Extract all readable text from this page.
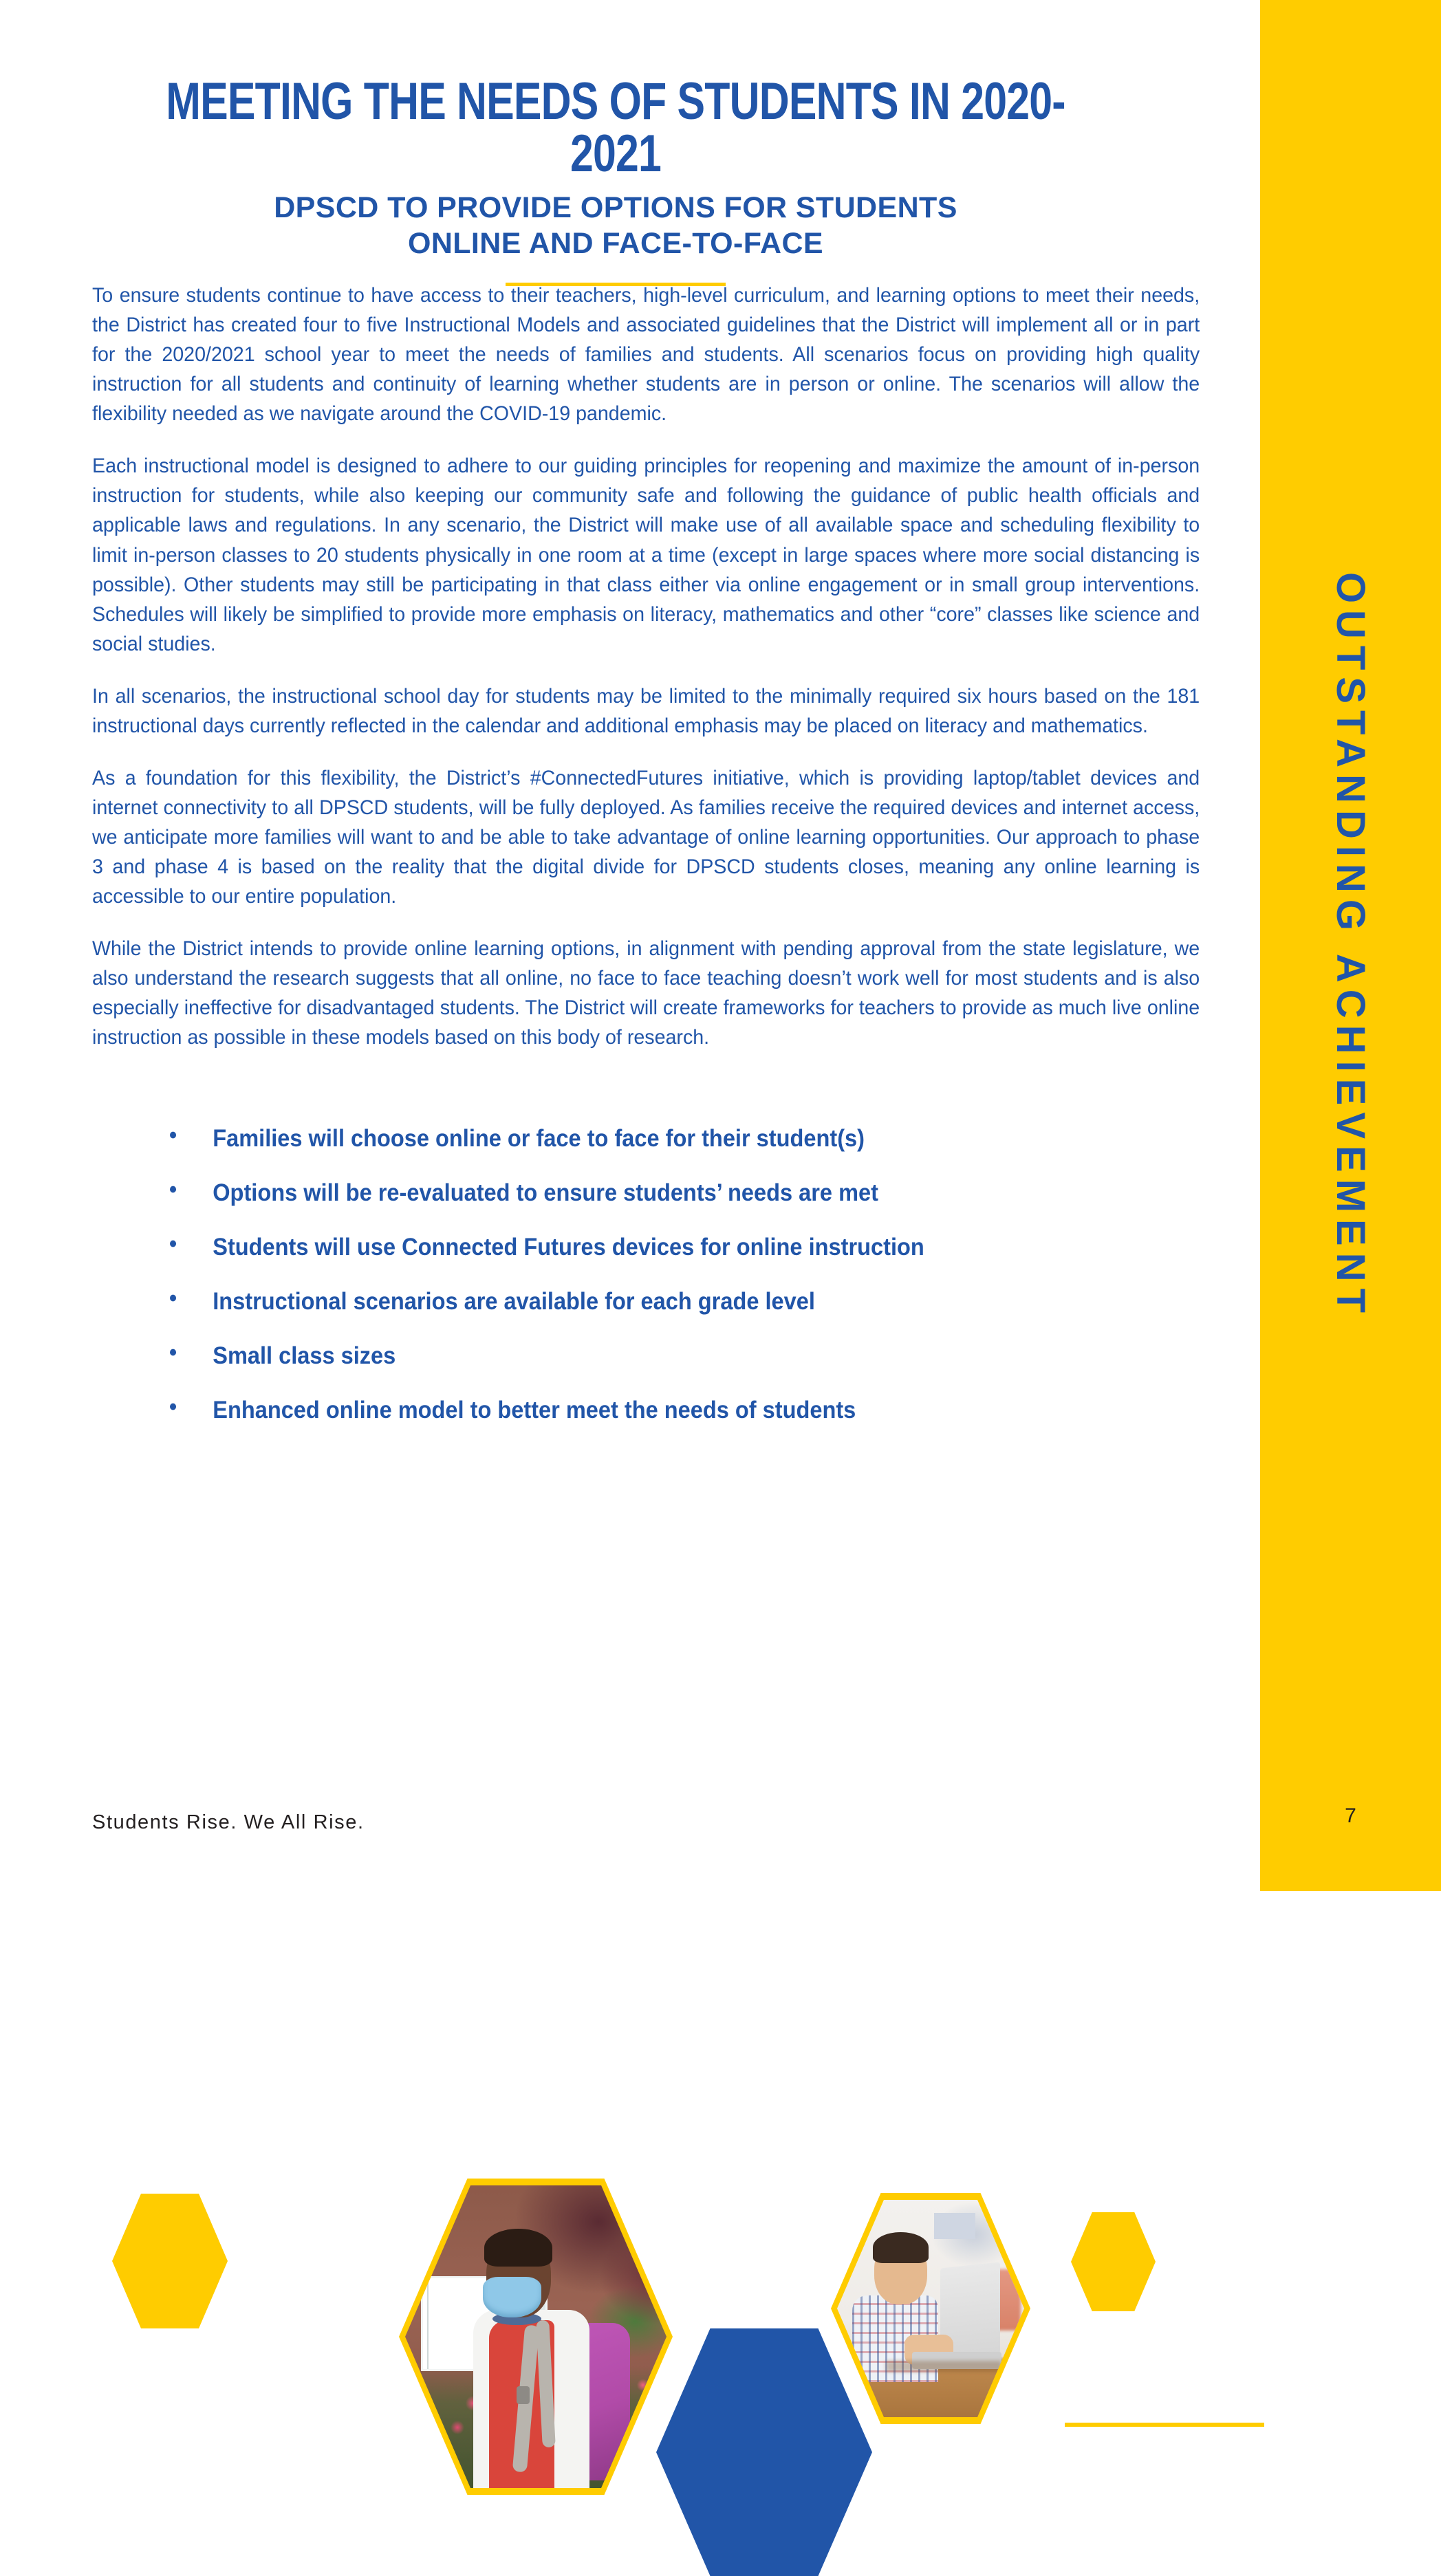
MEETING THE NEEDS OF STUDENTS IN 2020-2021
DPSCD TO PROVIDE OPTIONS FOR STUDENTS
ONLINE AND FACE-TO-FACE

To ensure students continue to have access to their teachers, high-level curriculum, and learning options to meet their needs, the District has created four to five Instructional Models and associated guidelines that the District will implement all or in part for the 2020/2021 school year to meet the needs of families and students. All scenarios focus on providing high quality instruction for all students and continuity of learning whether students are in person or online. The scenarios will allow the flexibility needed as we navigate around the COVID-19 pandemic.

Each instructional model is designed to adhere to our guiding principles for reopening and maximize the amount of in-person instruction for students, while also keeping our community safe and following the guidance of public health officials and applicable laws and regulations. In any scenario, the District will make use of all available space and scheduling flexibility to limit in-person classes to 20 students physically in one room at a time (except in large spaces where more social distancing is possible). Other students may still be participating in that class either via online engagement or in small group interventions. Schedules will likely be simplified to provide more emphasis on literacy, mathematics and other “core” classes like science and social studies.

In all scenarios, the instructional school day for students may be limited to the minimally required six hours based on the 181 instructional days currently reflected in the calendar and additional emphasis may be placed on literacy and mathematics.

As a foundation for this flexibility, the District’s #ConnectedFutures initiative, which is providing laptop/tablet devices and internet connectivity to all DPSCD students, will be fully deployed. As families receive the required devices and internet access, we anticipate more families will want to and be able to take advantage of online learning opportunities. Our approach to phase 3 and phase 4 is based on the reality that the digital divide for DPSCD students closes, meaning any online learning is accessible to our entire population.

While the District intends to provide online learning options, in alignment with pending approval from the state legislature, we also understand the research suggests that all online, no face to face teaching doesn’t work well for most students and is also especially ineffective for disadvantaged students. The District will create frameworks for teachers to provide as much live online instruction as possible in these models based on this body of research.

• Families will choose online or face to face for their student(s)
• Options will be re-evaluated to ensure students’ needs are met
• Students will use Connected Futures devices for online instruction
• Instructional scenarios are available for each grade level
• Small class sizes
• Enhanced online model to better meet the needs of students
Students Rise. We All Rise.
OUTSTANDING ACHIEVEMENT
7
